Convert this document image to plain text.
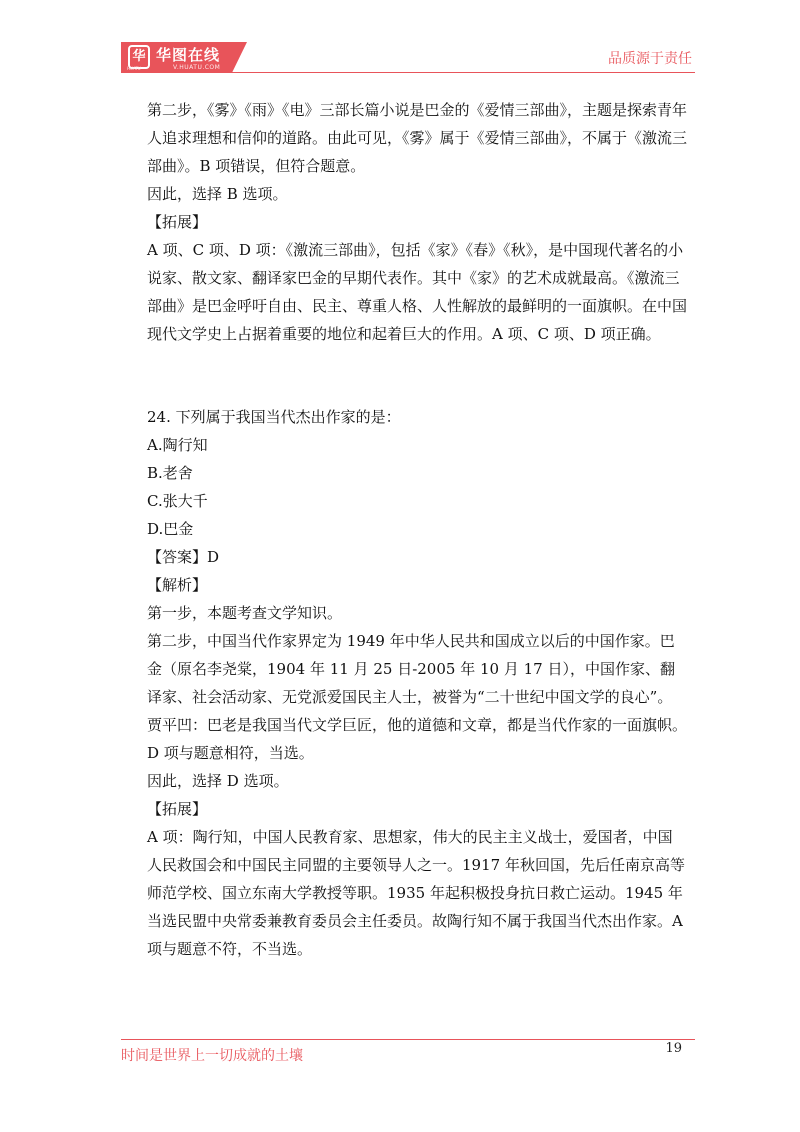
华 华图在线
HUATU	V.HUATU.COM
品质源于责任

第二步，《雾》《雨》《电》三部长篇小说是巴金的《爱情三部曲》，主题是探索青年人追求理想和信仰的道路。由此可见，《雾》属于《爱情三部曲》，不属于《激流三部曲》。B 项错误，但符合题意。

因此，选择 B 选项。

【拓展】

A 项、C 项、D 项：《激流三部曲》，包括《家》《春》《秋》，是中国现代著名的小说家、散文家、翻译家巴金的早期代表作。其中《家》的艺术成就最高。《激流三部曲》是巴金呼吁自由、民主、尊重人格、人性解放的最鲜明的一面旗帜。在中国现代文学史上占据着重要的地位和起着巨大的作用。A 项、C 项、D 项正确。

24. 下列属于我国当代杰出作家的是：

A.陶行知

B.老舍

C.张大千

D.巴金

【答案】D

【解析】

第一步，本题考查文学知识。

第二步，中国当代作家界定为 1949 年中华人民共和国成立以后的中国作家。巴金（原名李尧棠，1904 年 11 月 25 日-2005 年 10 月 17 日），中国作家、翻译家、社会活动家、无党派爱国民主人士，被誉为“二十世纪中国文学的良心”。贾平凹：巴老是我国当代文学巨匠，他的道德和文章，都是当代作家的一面旗帜。D 项与题意相符，当选。

因此，选择 D 选项。

【拓展】

A 项：陶行知，中国人民教育家、思想家，伟大的民主主义战士，爱国者，中国人民救国会和中国民主同盟的主要领导人之一。1917 年秋回国，先后任南京高等师范学校、国立东南大学教授等职。1935 年起积极投身抗日救亡运动。1945 年当选民盟中央常委兼教育委员会主任委员。故陶行知不属于我国当代杰出作家。A 项与题意不符，不当选。

时间是世界上一切成就的土壤	19
